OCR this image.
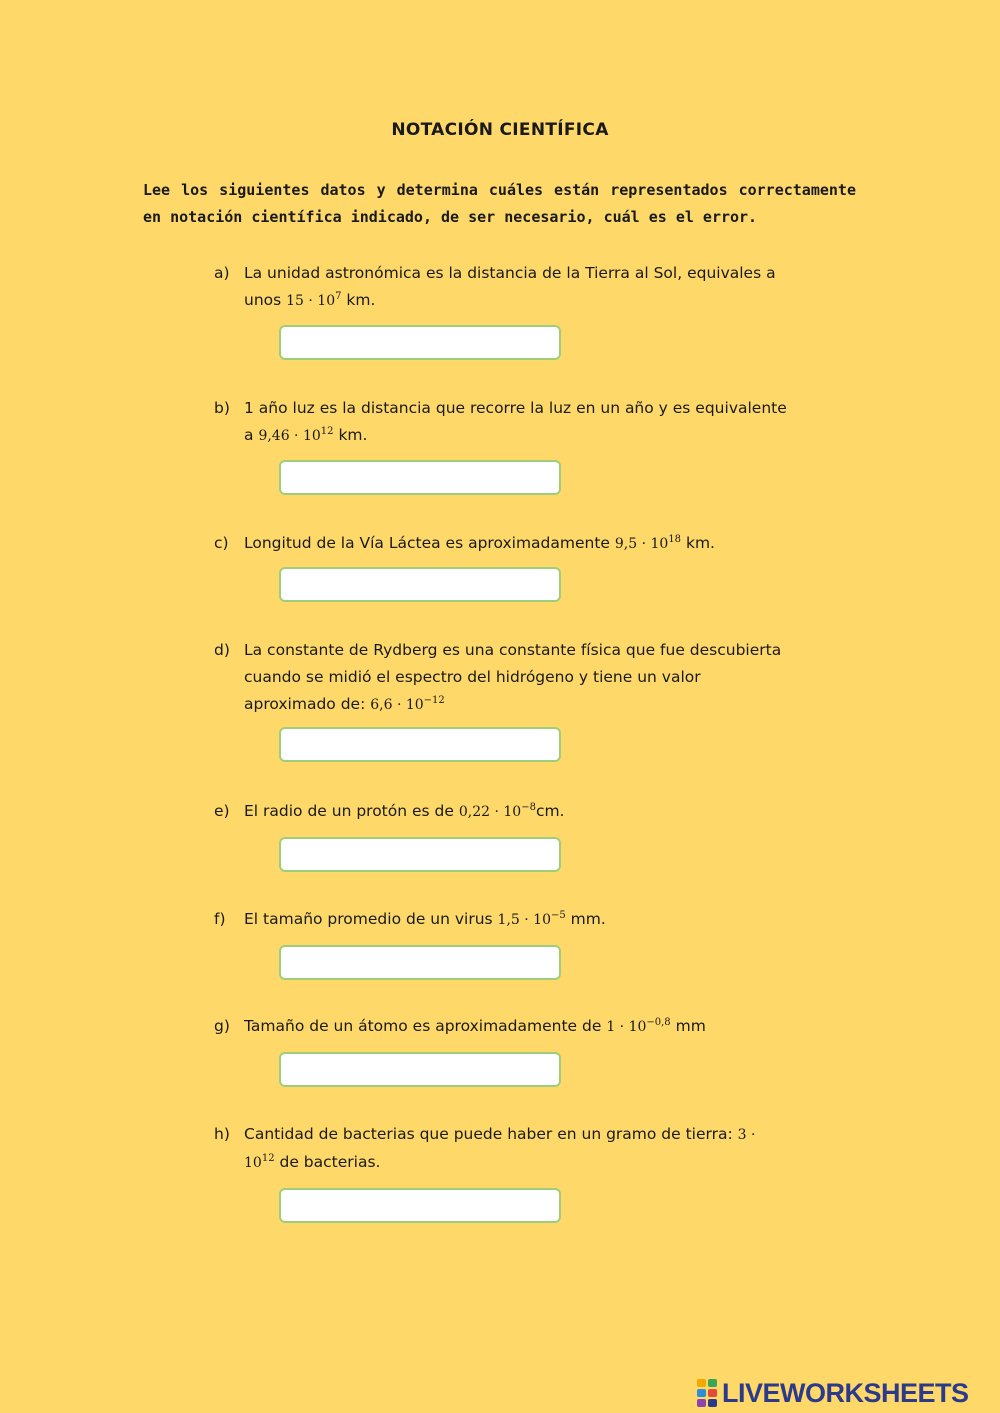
NOTACIÓN CIENTÍFICA
Lee los siguientes datos y determina cuáles están representados correctamente en notación científica indicado, de ser necesario, cuál es el error.
a) La unidad astronómica es la distancia de la Tierra al Sol, equivales a unos $15 \cdot 10^7$ km.
b) 1 año luz es la distancia que recorre la luz en un año y es equivalente a $9,46 \cdot 10^{12}$ km.
c) Longitud de la Vía Láctea es aproximadamente $9,5 \cdot 10^{18}$ km.
d) La constante de Rydberg es una constante física que fue descubierta cuando se midió el espectro del hidrógeno y tiene un valor aproximado de: $6,6 \cdot 10^{-12}$
e) El radio de un protón es de $0,22 \cdot 10^{-8}cm$.
f)	El tamaño promedio de un virus $1,5 \cdot 10^{-5}$ mm.
g) Tamaño de un átomo es aproximadamente de $1 \cdot 10^{-0,8}$ mm
h) Cantidad de bacterias que puede haber en un gramo de tierra: $3 \cdot 10^{12}$ de bacterias.
LIVEWORKSHEETS
